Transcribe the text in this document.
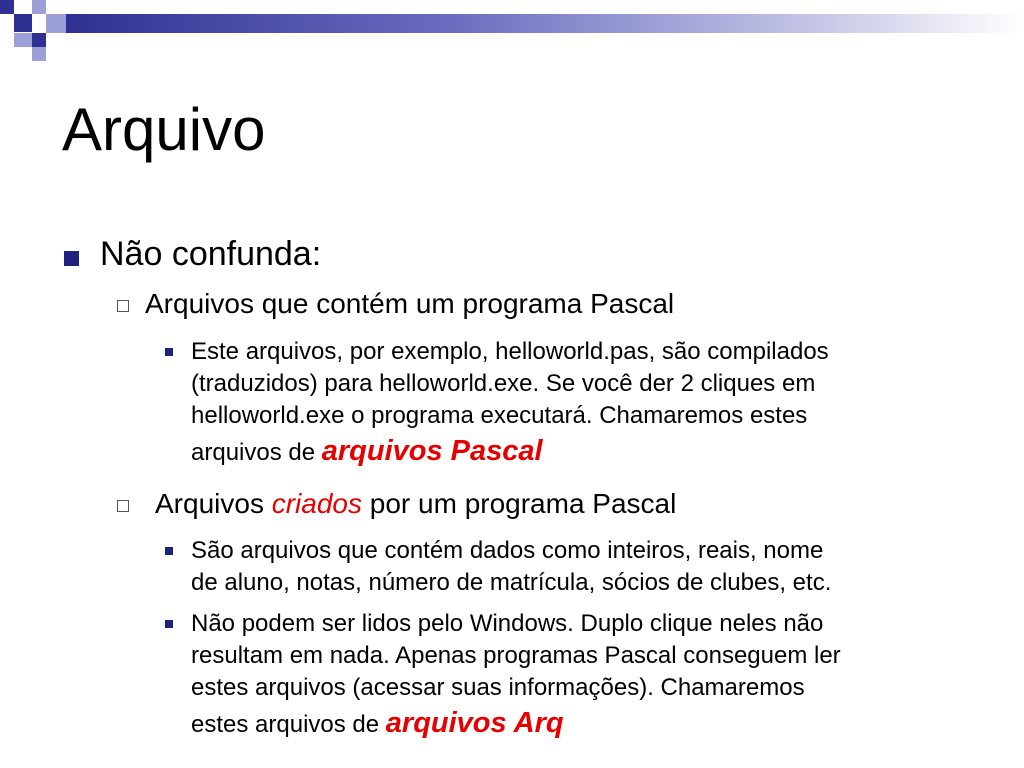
Arquivo
Não confunda:
Arquivos que contém um programa Pascal
Este arquivos, por exemplo, helloworld.pas, são compilados
(traduzidos) para helloworld.exe. Se você der 2 cliques em
helloworld.exe o programa executará. Chamaremos estes
arquivos de arquivos Pascal
Arquivos criados por um programa Pascal
São arquivos que contém dados como inteiros, reais, nome
de aluno, notas, número de matrícula, sócios de clubes, etc.
Não podem ser lidos pelo Windows. Duplo clique neles não
resultam em nada. Apenas programas Pascal conseguem ler
estes arquivos (acessar suas informações). Chamaremos
estes arquivos de arquivos Arq
